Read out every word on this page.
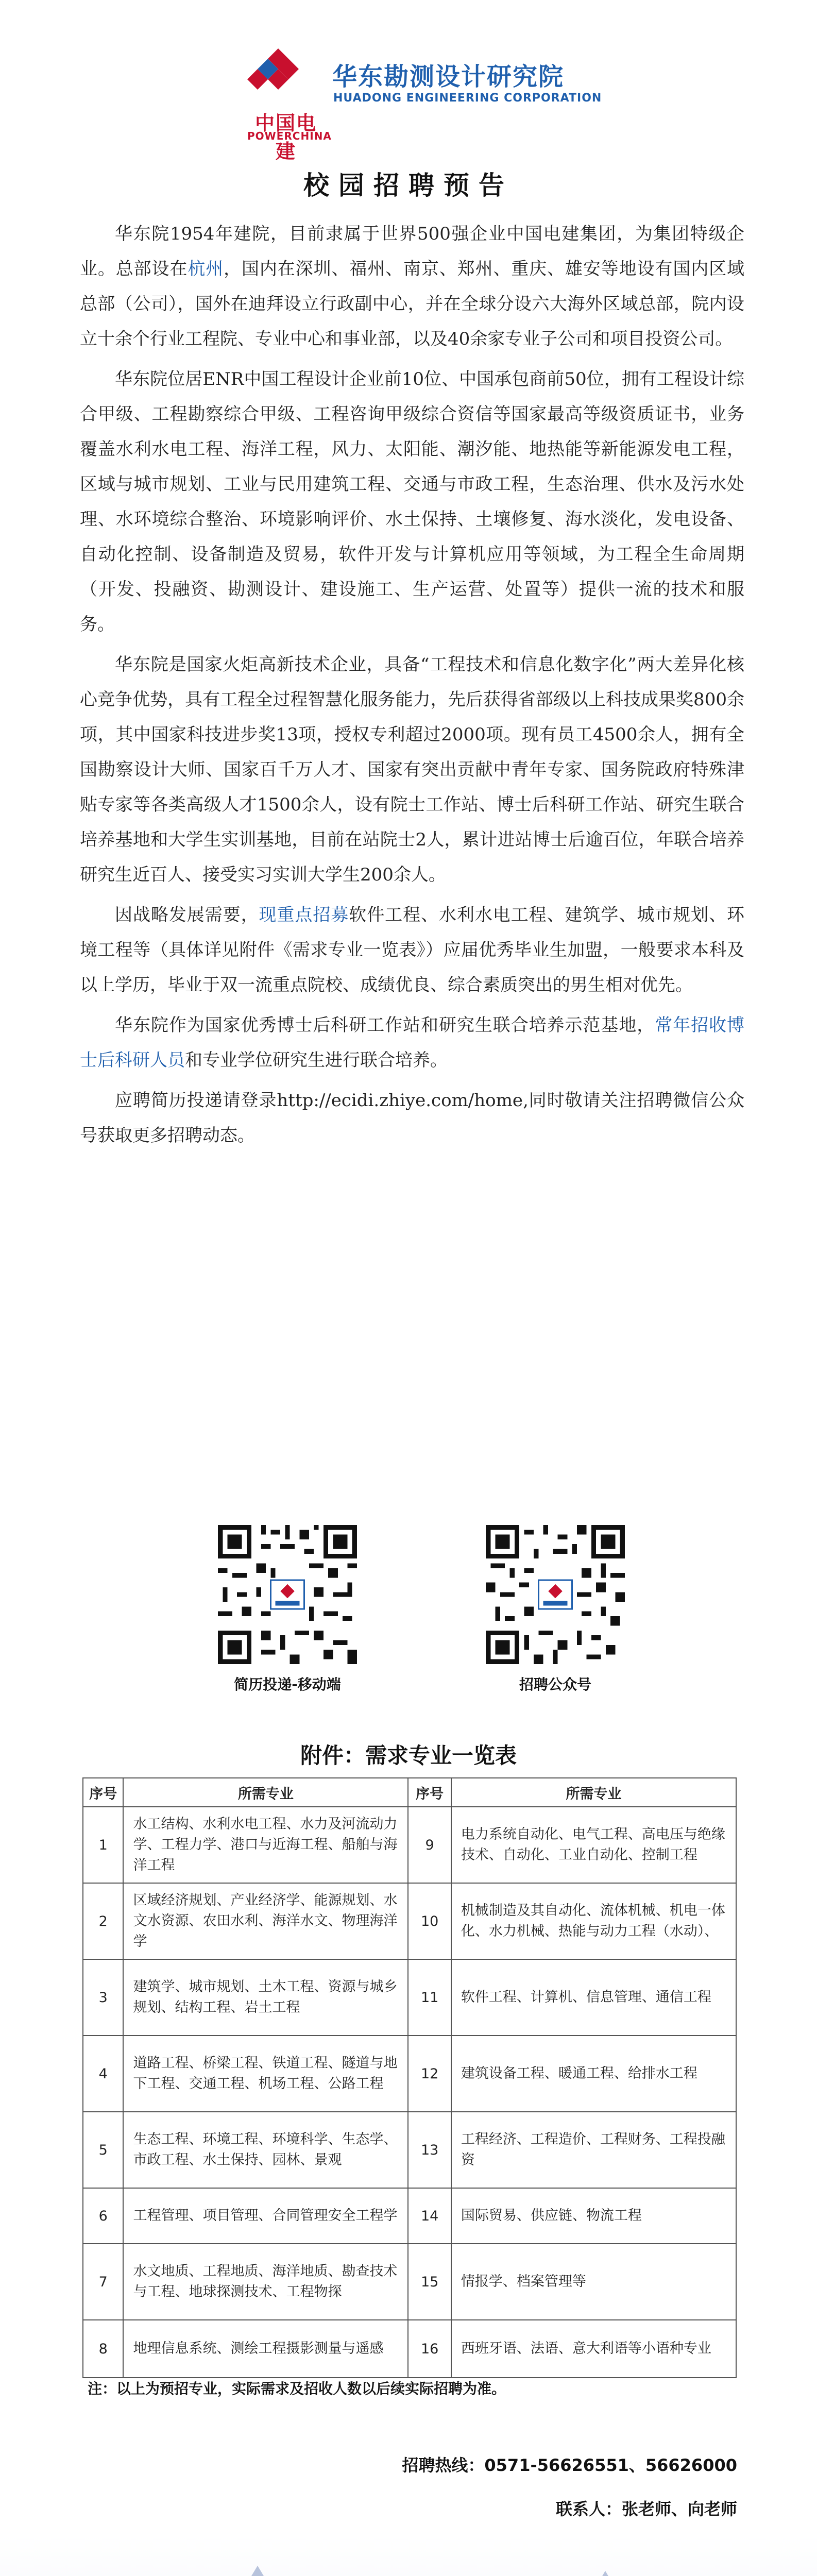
中国电建
POWERCHINA
华东勘测设计研究院
HUADONG ENGINEERING CORPORATION
校园招聘预告

华东院1954年建院，目前隶属于世界500强企业中国电建集团，为集团特级企业。总部设在杭州，国内在深圳、福州、南京、郑州、重庆、雄安等地设有国内区域总部（公司），国外在迪拜设立行政副中心，并在全球分设六大海外区域总部，院内设立十余个行业工程院、专业中心和事业部，以及40余家专业子公司和项目投资公司。

华东院位居ENR中国工程设计企业前10位、中国承包商前50位，拥有工程设计综合甲级、工程勘察综合甲级、工程咨询甲级综合资信等国家最高等级资质证书，业务覆盖水利水电工程、海洋工程，风力、太阳能、潮汐能、地热能等新能源发电工程，区域与城市规划、工业与民用建筑工程、交通与市政工程，生态治理、供水及污水处理、水环境综合整治、环境影响评价、水土保持、土壤修复、海水淡化，发电设备、自动化控制、设备制造及贸易，软件开发与计算机应用等领域，为工程全生命周期（开发、投融资、勘测设计、建设施工、生产运营、处置等）提供一流的技术和服务。

华东院是国家火炬高新技术企业，具备“工程技术和信息化数字化”两大差异化核心竞争优势，具有工程全过程智慧化服务能力，先后获得省部级以上科技成果奖800余项，其中国家科技进步奖13项，授权专利超过2000项。现有员工4500余人，拥有全国勘察设计大师、国家百千万人才、国家有突出贡献中青年专家、国务院政府特殊津贴专家等各类高级人才1500余人，设有院士工作站、博士后科研工作站、研究生联合培养基地和大学生实训基地，目前在站院士2人，累计进站博士后逾百位，年联合培养研究生近百人、接受实习实训大学生200余人。

因战略发展需要，现重点招募软件工程、水利水电工程、建筑学、城市规划、环境工程等（具体详见附件《需求专业一览表》）应届优秀毕业生加盟，一般要求本科及以上学历，毕业于双一流重点院校、成绩优良、综合素质突出的男生相对优先。

华东院作为国家优秀博士后科研工作站和研究生联合培养示范基地，常年招收博士后科研人员和专业学位研究生进行联合培养。

应聘简历投递请登录http://ecidi.zhiye.com/home,同时敬请关注招聘微信公众号获取更多招聘动态。

简历投递-移动端	招聘公众号
附件：需求专业一览表
序号	所需专业	序号	所需专业
1	水工结构、水利水电工程、水力及河流动力学、工程力学、港口与近海工程、船舶与海洋工程	9	电力系统自动化、电气工程、高电压与绝缘技术、自动化、工业自动化、控制工程
2	区域经济规划、产业经济学、能源规划、水文水资源、农田水利、海洋水文、物理海洋学	10	机械制造及其自动化、流体机械、机电一体化、水力机械、热能与动力工程（水动）、
3	建筑学、城市规划、土木工程、资源与城乡规划、结构工程、岩土工程	11	软件工程、计算机、信息管理、通信工程
4	道路工程、桥梁工程、铁道工程、隧道与地下工程、交通工程、机场工程、公路工程	12	建筑设备工程、暖通工程、给排水工程
5	生态工程、环境工程、环境科学、生态学、市政工程、水土保持、园林、景观	13	工程经济、工程造价、工程财务、工程投融资
6	工程管理、项目管理、合同管理安全工程学	14	国际贸易、供应链、物流工程
7	水文地质、工程地质、海洋地质、勘查技术与工程、地球探测技术、工程物探	15	情报学、档案管理等
8	地理信息系统、测绘工程摄影测量与遥感	16	西班牙语、法语、意大利语等小语种专业
注：以上为预招专业，实际需求及招收人数以后续实际招聘为准。
招聘热线：0571-56626551、56626000
联系人：张老师、向老师
